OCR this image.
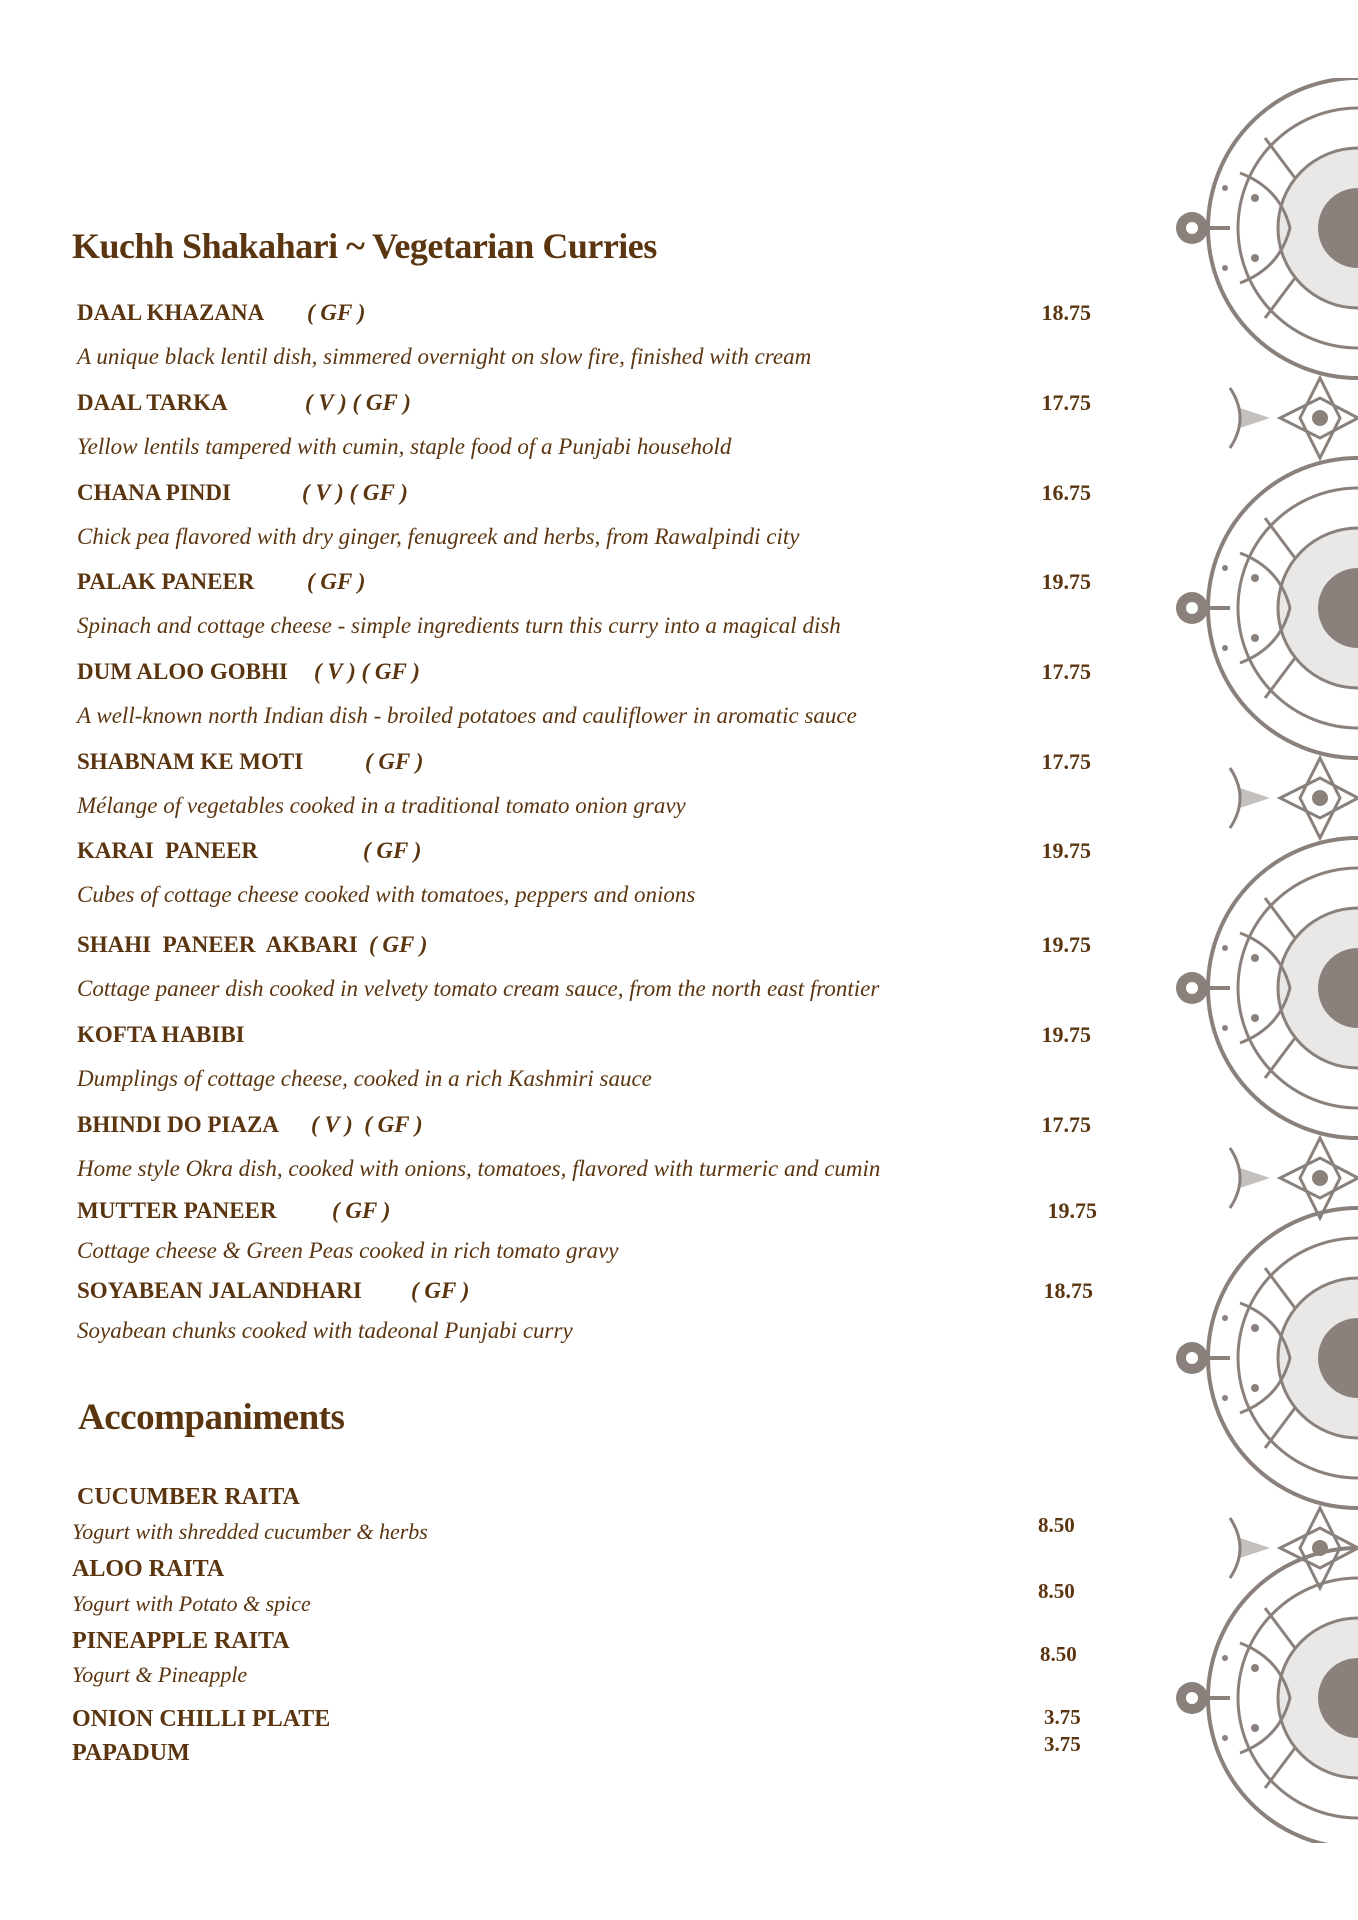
Kuchh Shakahari ~ Vegetarian Curries
DAAL KHAZANA ( GF )	18.75
A unique black lentil dish, simmered overnight on slow fire, finished with cream
DAAL TARKA	( V ) ( GF )	17.75
Yellow lentils tampered with cumin, staple food of a Punjabi household
CHANA PINDI	( V ) ( GF )	16.75
Chick pea flavored with dry ginger, fenugreek and herbs, from Rawalpindi city
PALAK PANEER ( GF )	19.75
Spinach and cottage cheese - simple ingredients turn this curry into a magical dish
DUM ALOO GOBHI ( V ) ( GF )	17.75
A well-known north Indian dish - broiled potatoes and cauliflower in aromatic sauce
SHABNAM KE MOTI	( GF )	17.75
Mélange of vegetables cooked in a traditional tomato onion gravy
KARAI  PANEER	( GF )	19.75
Cubes of cottage cheese cooked with tomatoes, peppers and onions
SHAHI  PANEER  AKBARI ( GF )	19.75
Cottage paneer dish cooked in velvety tomato cream sauce, from the north east frontier
KOFTA HABIBI	19.75
Dumplings of cottage cheese, cooked in a rich Kashmiri sauce
BHINDI DO PIAZA ( V )  ( GF )	17.75
Home style Okra dish, cooked with onions, tomatoes, flavored with turmeric and cumin
MUTTER PANEER ( GF )	19.75
Cottage cheese & Green Peas cooked in rich tomato gravy
SOYABEAN JALANDHARI ( GF )	18.75
Soyabean chunks cooked with tadeonal Punjabi curry
Accompaniments
CUCUMBER RAITA
Yogurt with shredded cucumber & herbs	8.50
ALOO RAITA
Yogurt with Potato & spice	8.50
PINEAPPLE RAITA
Yogurt & Pineapple
8.50
ONION CHILLI PLATE	3.75
PAPADUM	3.75
